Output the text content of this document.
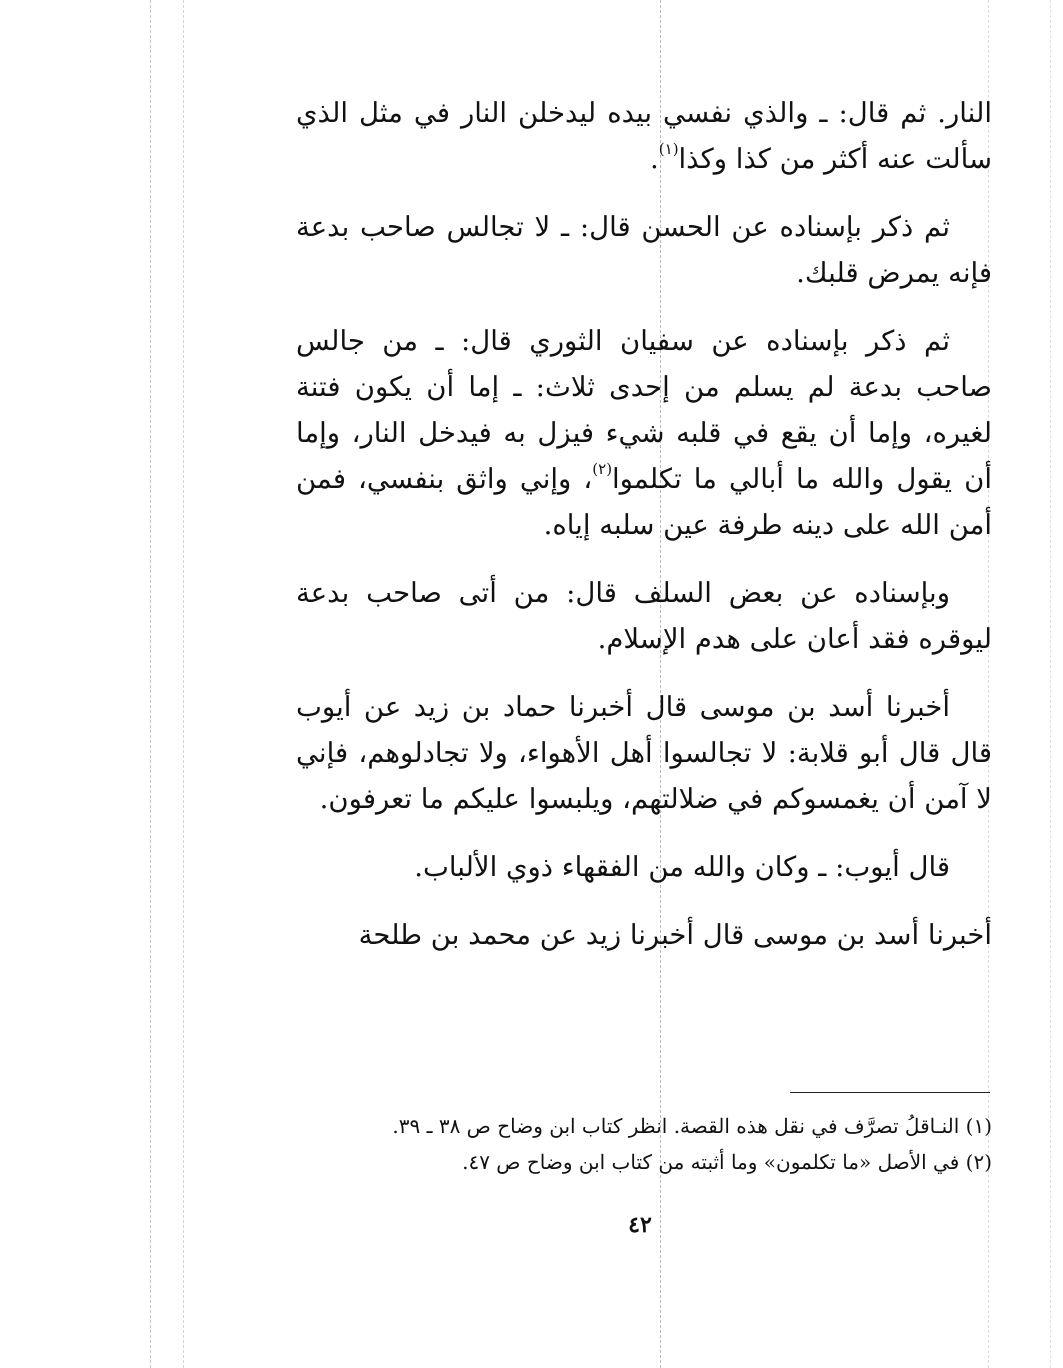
النار. ثم قال: ـ والذي نفسي بيده ليدخلن النار في مثل الذي سألت عنه أكثر من كذا وكذا$^{(١)}$.

ثم ذكر بإسناده عن الحسن قال: ـ لا تجالس صاحب بدعة فإنه يمرض قلبك.

ثم ذكر بإسناده عن سفيان الثوري قال: ـ من جالس صاحب بدعة لم يسلم من إحدى ثلاث: ـ إما أن يكون فتنة لغيره، وإما أن يقع في قلبه شيء فيزل به فيدخل النار، وإما أن يقول والله ما أبالي ما تكلموا$^{(٢)}$، وإني واثق بنفسي، فمن أمن الله على دينه طرفة عين سلبه إياه.

وبإسناده عن بعض السلف قال: من أتى صاحب بدعة ليوقره فقد أعان على هدم الإسلام.

أخبرنا أسد بن موسى قال أخبرنا حماد بن زيد عن أيوب قال قال أبو قلابة: لا تجالسوا أهل الأهواء، ولا تجادلوهم، فإني لا آمن أن يغمسوكم في ضلالتهم، ويلبسوا عليكم ما تعرفون.

قال أيوب: ـ وكان والله من الفقهاء ذوي الألباب.

أخبرنا أسد بن موسى قال أخبرنا زيد عن محمد بن طلحة

(١) النـاقلُ تصرَّف في نقل هذه القصة. انظر كتاب ابن وضاح ص ٣٨ ـ ٣٩.

(٢) في الأصل «ما تكلمون» وما أثبته من كتاب ابن وضاح ص ٤٧.

٤٢
